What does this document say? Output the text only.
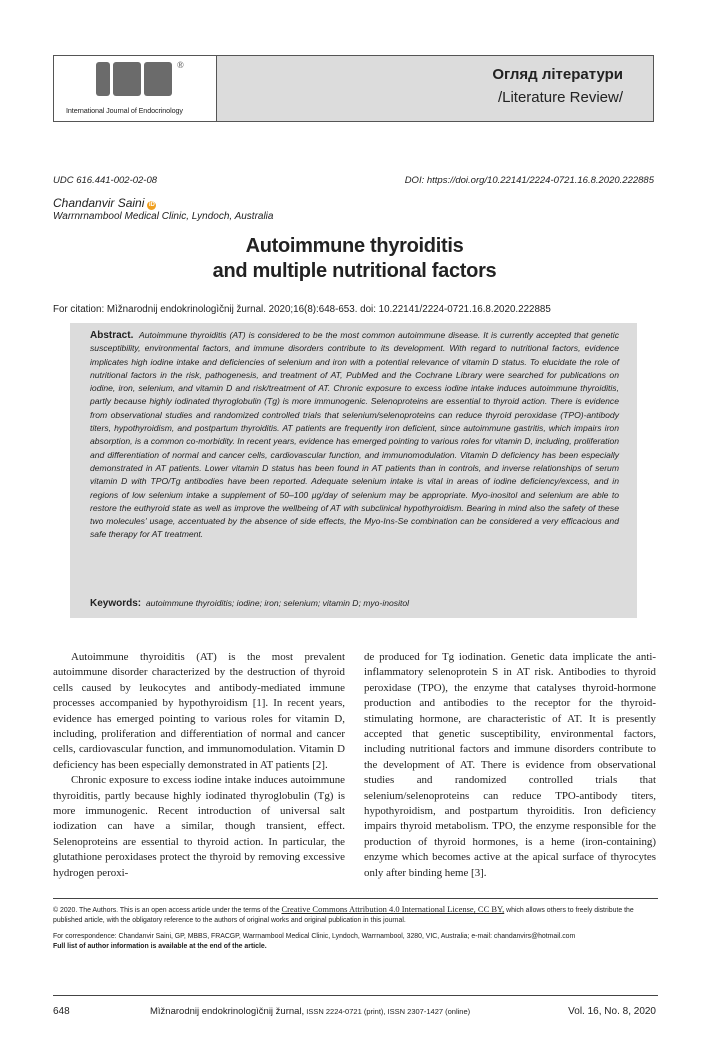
®
International Journal of Endocrinology
Огляд літератури
/Literature Review/
UDC 616.441-002-02-08	DOI: https://doi.org/10.22141/2224-0721.16.8.2020.222885
Chandanvir Saini iD
Warrnrnambool Medical Clinic, Lyndoch, Australia
Autoimmune thyroiditis
and multiple nutritional factors
For citation: Mìžnarodnij endokrinologìčnij žurnal. 2020;16(8):648-653. doi: 10.22141/2224-0721.16.8.2020.222885
Abstract. Autoimmune thyroiditis (AT) is considered to be the most common autoimmune disease. It is currently accepted that genetic susceptibility, environmental factors, and immune disorders contribute to its development. With regard to nutritional factors, evidence implicates high iodine intake and deficiencies of selenium and iron with a potential relevance of vitamin D status. To elucidate the role of nutritional factors in the risk, pathogenesis, and treatment of AT, PubMed and the Cochrane Library were searched for publications on iodine, iron, selenium, and vitamin D and risk/treatment of AT. Chronic exposure to excess iodine intake induces autoimmune thyroiditis, partly because highly iodinated thyroglobulin (Tg) is more immunogenic. Selenoproteins are essential to thyroid action. There is evidence from observational studies and randomized controlled trials that selenium/selenoproteins can reduce thyroid peroxidase (TPO)-antibody titers, hypothyroidism, and postpartum thyroiditis. AT patients are frequently iron deficient, since autoimmune gastritis, which impairs iron absorption, is a common co-morbidity. In recent years, evidence has emerged pointing to various roles for vitamin D, including, proliferation and differentiation of normal and cancer cells, cardiovascular function, and immunomodulation. Vitamin D deficiency has been especially demonstrated in AT patients. Lower vitamin D status has been found in AT patients than in controls, and inverse relationships of serum vitamin D with TPO/Tg antibodies have been reported. Adequate selenium intake is vital in areas of iodine deficiency/excess, and in regions of low selenium intake a supplement of 50–100 µg/day of selenium may be appropriate. Myo-inositol and selenium are able to restore the euthyroid state as well as improve the wellbeing of AT with subclinical hypothyroidism. Bearing in mind also the safety of these two molecules' usage, accentuated by the absence of side effects, the Myo-Ins-Se combination can be considered a very efficacious and safe therapy for AT treatment.
Keywords: autoimmune thyroiditis; iodine; iron; selenium; vitamin D; myo-inositol

Autoimmune thyroiditis (AT) is the most prevalent autoimmune disorder characterized by the destruction of thyroid cells caused by leukocytes and antibody-mediated immune processes accompanied by hypothyroidism [1]. In recent years, evidence has emerged pointing to various roles for vitamin D, including, proliferation and differentiation of normal and cancer cells, cardiovascular function, and immunomodulation. Vitamin D deficiency has been especially demonstrated in AT patients [2].

Chronic exposure to excess iodine intake induces autoimmune thyroiditis, partly because highly iodinated thyroglobulin (Tg) is more immunogenic. Recent introduction of universal salt iodization can have a similar, though transient, effect. Selenoproteins are essential to thyroid action. In particular, the glutathione peroxidases protect the thyroid by removing excessive hydrogen peroxi-

de produced for Tg iodination. Genetic data implicate the anti-inflammatory selenoprotein S in AT risk. Antibodies to thyroid peroxidase (TPO), the enzyme that catalyses thyroid-hormone production and antibodies to the receptor for the thyroid-stimulating hormone, are characteristic of AT. It is presently accepted that genetic susceptibility, environmental factors, including nutritional factors and immune disorders contribute to the development of AT. There is evidence from observational studies and randomized controlled trials that selenium/selenoproteins can reduce TPO-antibody titers, hypothyroidism, and postpartum thyroiditis. Iron deficiency impairs thyroid metabolism. TPO, the enzyme responsible for the production of thyroid hormones, is a heme (iron-containing) enzyme which becomes active at the apical surface of thyrocytes only after binding heme [3].

© 2020. The Authors. This is an open access article under the terms of the Creative Commons Attribution 4.0 International License, CC BY, which allows others to freely distribute the published article, with the obligatory reference to the authors of original works and original publication in this journal.
For correspondence: Chandanvir Saini, GP, MBBS, FRACGP, Warrnambool Medical Clinic, Lyndoch, Warrnambool, 3280, VIC, Australia; e-mail: chandanvirs@hotmail.com
Full list of author information is available at the end of the article.
648	Mìžnarodnij endokrinologìčnij žurnal, ISSN 2224-0721 (print), ISSN 2307-1427 (online)	Vol. 16, No. 8, 2020
